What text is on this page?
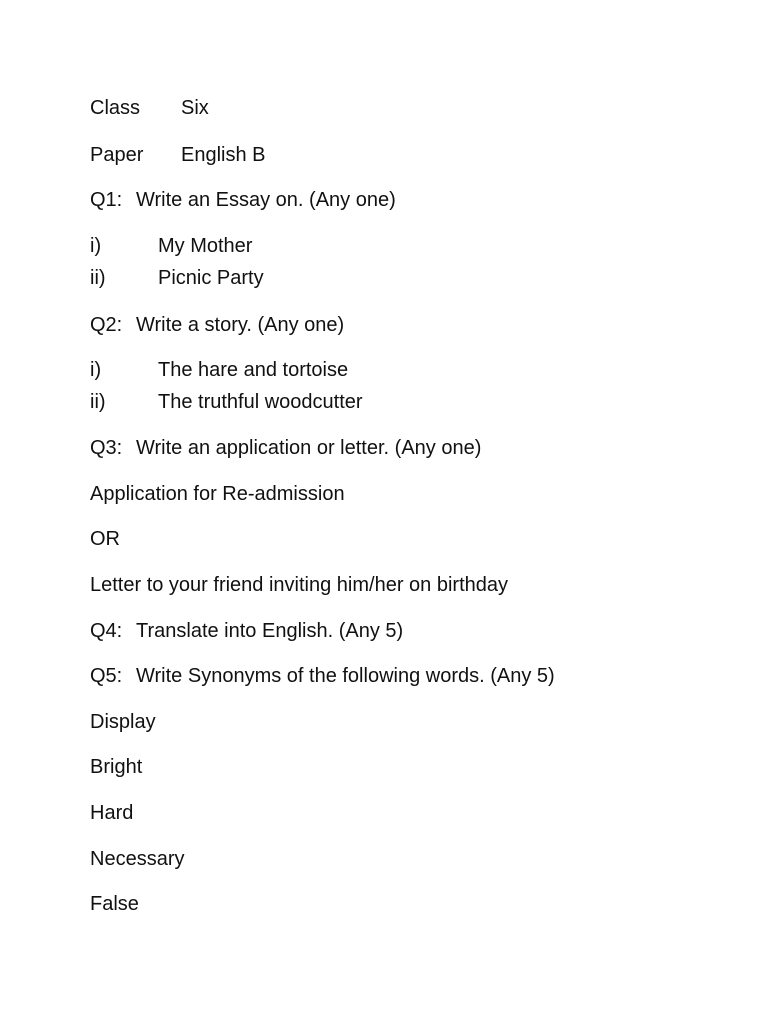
Class Six
Paper English B
Q1: Write an Essay on. (Any one)
i)	My Mother
ii)	Picnic Party
Q2: Write a story. (Any one)
i)	The hare and tortoise
ii)	The truthful woodcutter
Q3: Write an application or letter. (Any one)
Application for Re-admission
OR
Letter to your friend inviting him/her on birthday
Q4: Translate into English. (Any 5)
Q5: Write Synonyms of the following words. (Any 5)
Display
Bright
Hard
Necessary
False
